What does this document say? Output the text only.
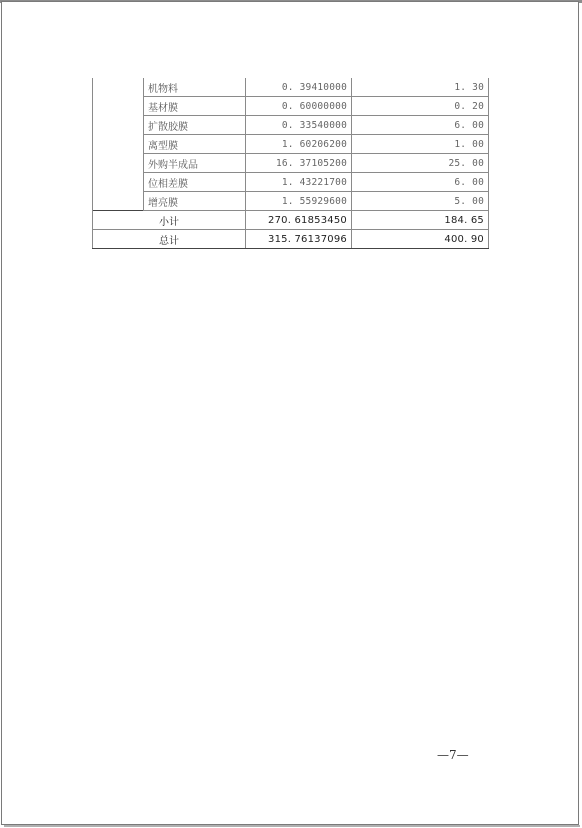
	机物料	0. 39410000	1. 30
	基材膜	0. 60000000	0. 20
	扩散胶膜	0. 33540000	6. 00
	离型膜	1. 60206200	1. 00
	外购半成品	16. 37105200	25. 00
	位相差膜	1. 43221700	6. 00
	增亮膜	1. 55929600	5. 00
小计		270. 61853450	184. 65
总计		315. 76137096	400. 90
—7—
